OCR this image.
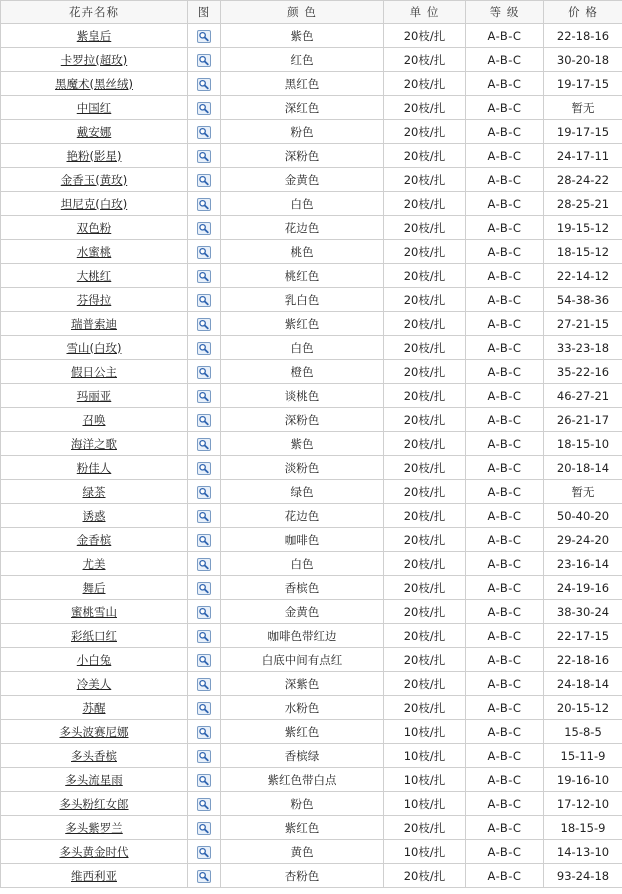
花卉名称	图	颜 色	单 位	等 级	价 格
紫皇后		紫色	20枝/扎	A-B-C	22-18-16
卡罗拉(超玫)		红色	20枝/扎	A-B-C	30-20-18
黑魔术(黑丝绒)		黑红色	20枝/扎	A-B-C	19-17-15
中国红		深红色	20枝/扎	A-B-C	暂无
戴安娜		粉色	20枝/扎	A-B-C	19-17-15
艳粉(影星)		深粉色	20枝/扎	A-B-C	24-17-11
金香玉(黄玫)		金黄色	20枝/扎	A-B-C	28-24-22
坦尼克(白玫)		白色	20枝/扎	A-B-C	28-25-21
双色粉		花边色	20枝/扎	A-B-C	19-15-12
水蜜桃		桃色	20枝/扎	A-B-C	18-15-12
大桃红		桃红色	20枝/扎	A-B-C	22-14-12
芬得拉		乳白色	20枝/扎	A-B-C	54-38-36
瑞普索迪		紫红色	20枝/扎	A-B-C	27-21-15
雪山(白玫)		白色	20枝/扎	A-B-C	33-23-18
假日公主		橙色	20枝/扎	A-B-C	35-22-16
玛丽亚		谈桃色	20枝/扎	A-B-C	46-27-21
召唤		深粉色	20枝/扎	A-B-C	26-21-17
海洋之歌		紫色	20枝/扎	A-B-C	18-15-10
粉佳人		淡粉色	20枝/扎	A-B-C	20-18-14
绿茶		绿色	20枝/扎	A-B-C	暂无
诱惑		花边色	20枝/扎	A-B-C	50-40-20
金香槟		咖啡色	20枝/扎	A-B-C	29-24-20
尤美		白色	20枝/扎	A-B-C	23-16-14
舞后		香槟色	20枝/扎	A-B-C	24-19-16
蜜桃雪山		金黄色	20枝/扎	A-B-C	38-30-24
彩纸口红		咖啡色带红边	20枝/扎	A-B-C	22-17-15
小白兔		白底中间有点红	20枝/扎	A-B-C	22-18-16
冷美人		深紫色	20枝/扎	A-B-C	24-18-14
苏醒		水粉色	20枝/扎	A-B-C	20-15-12
多头波赛尼娜		紫红色	10枝/扎	A-B-C	15-8-5
多头香槟		香槟绿	10枝/扎	A-B-C	15-11-9
多头流星雨		紫红色带白点	10枝/扎	A-B-C	19-16-10
多头粉红女郎		粉色	10枝/扎	A-B-C	17-12-10
多头紫罗兰		紫红色	20枝/扎	A-B-C	18-15-9
多头黄金时代		黄色	10枝/扎	A-B-C	14-13-10
维西利亚		杏粉色	20枝/扎	A-B-C	93-24-18
